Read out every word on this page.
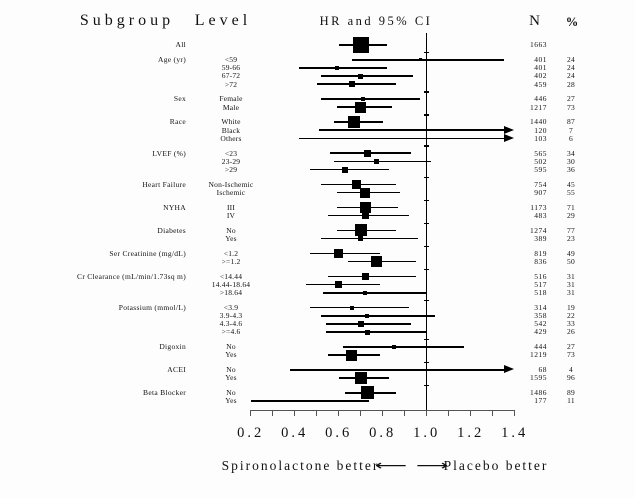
Subgroup	Level	HR and 95% CI	N	%
All	1663
Age (yr)	<59	401	24
59-66	401	24
67-72	402	24
>72	459	28
Sex	Female	446	27
Male	1217	73
Race	White	1440	87
Black	120	7
Others	103	6
LVEF (%)	<23	565	34
23-29	502	30
>29	595	36
Heart Failure	Non-Ischemic	754	45
Ischemic	907	55
NYHA	III	1173	71
IV	483	29
Diabetes	No	1274	77
Yes	389	23
Ser Creatinine (mg/dL)	<1.2	819	49
>=1.2	836	50
Cr Clearance (mL/min/1.73sq m)	<14.44	516	31
14.44-18.64	517	31
>18.64	518	31
Potassium (mmol/L)	<3.9	314	19
3.9-4.3	358	22
4.3-4.6	542	33
>=4.6	429	26
Digoxin	No	444	27
Yes	1219	73
ACEI	No	68	4
Yes	1595	96
Beta Blocker	No	1486	89
Yes	177	11
0.2	0.4	0.6	0.8	1.0	1.2	1.4
Spironolactone better
⟵ ⟶
Placebo better
